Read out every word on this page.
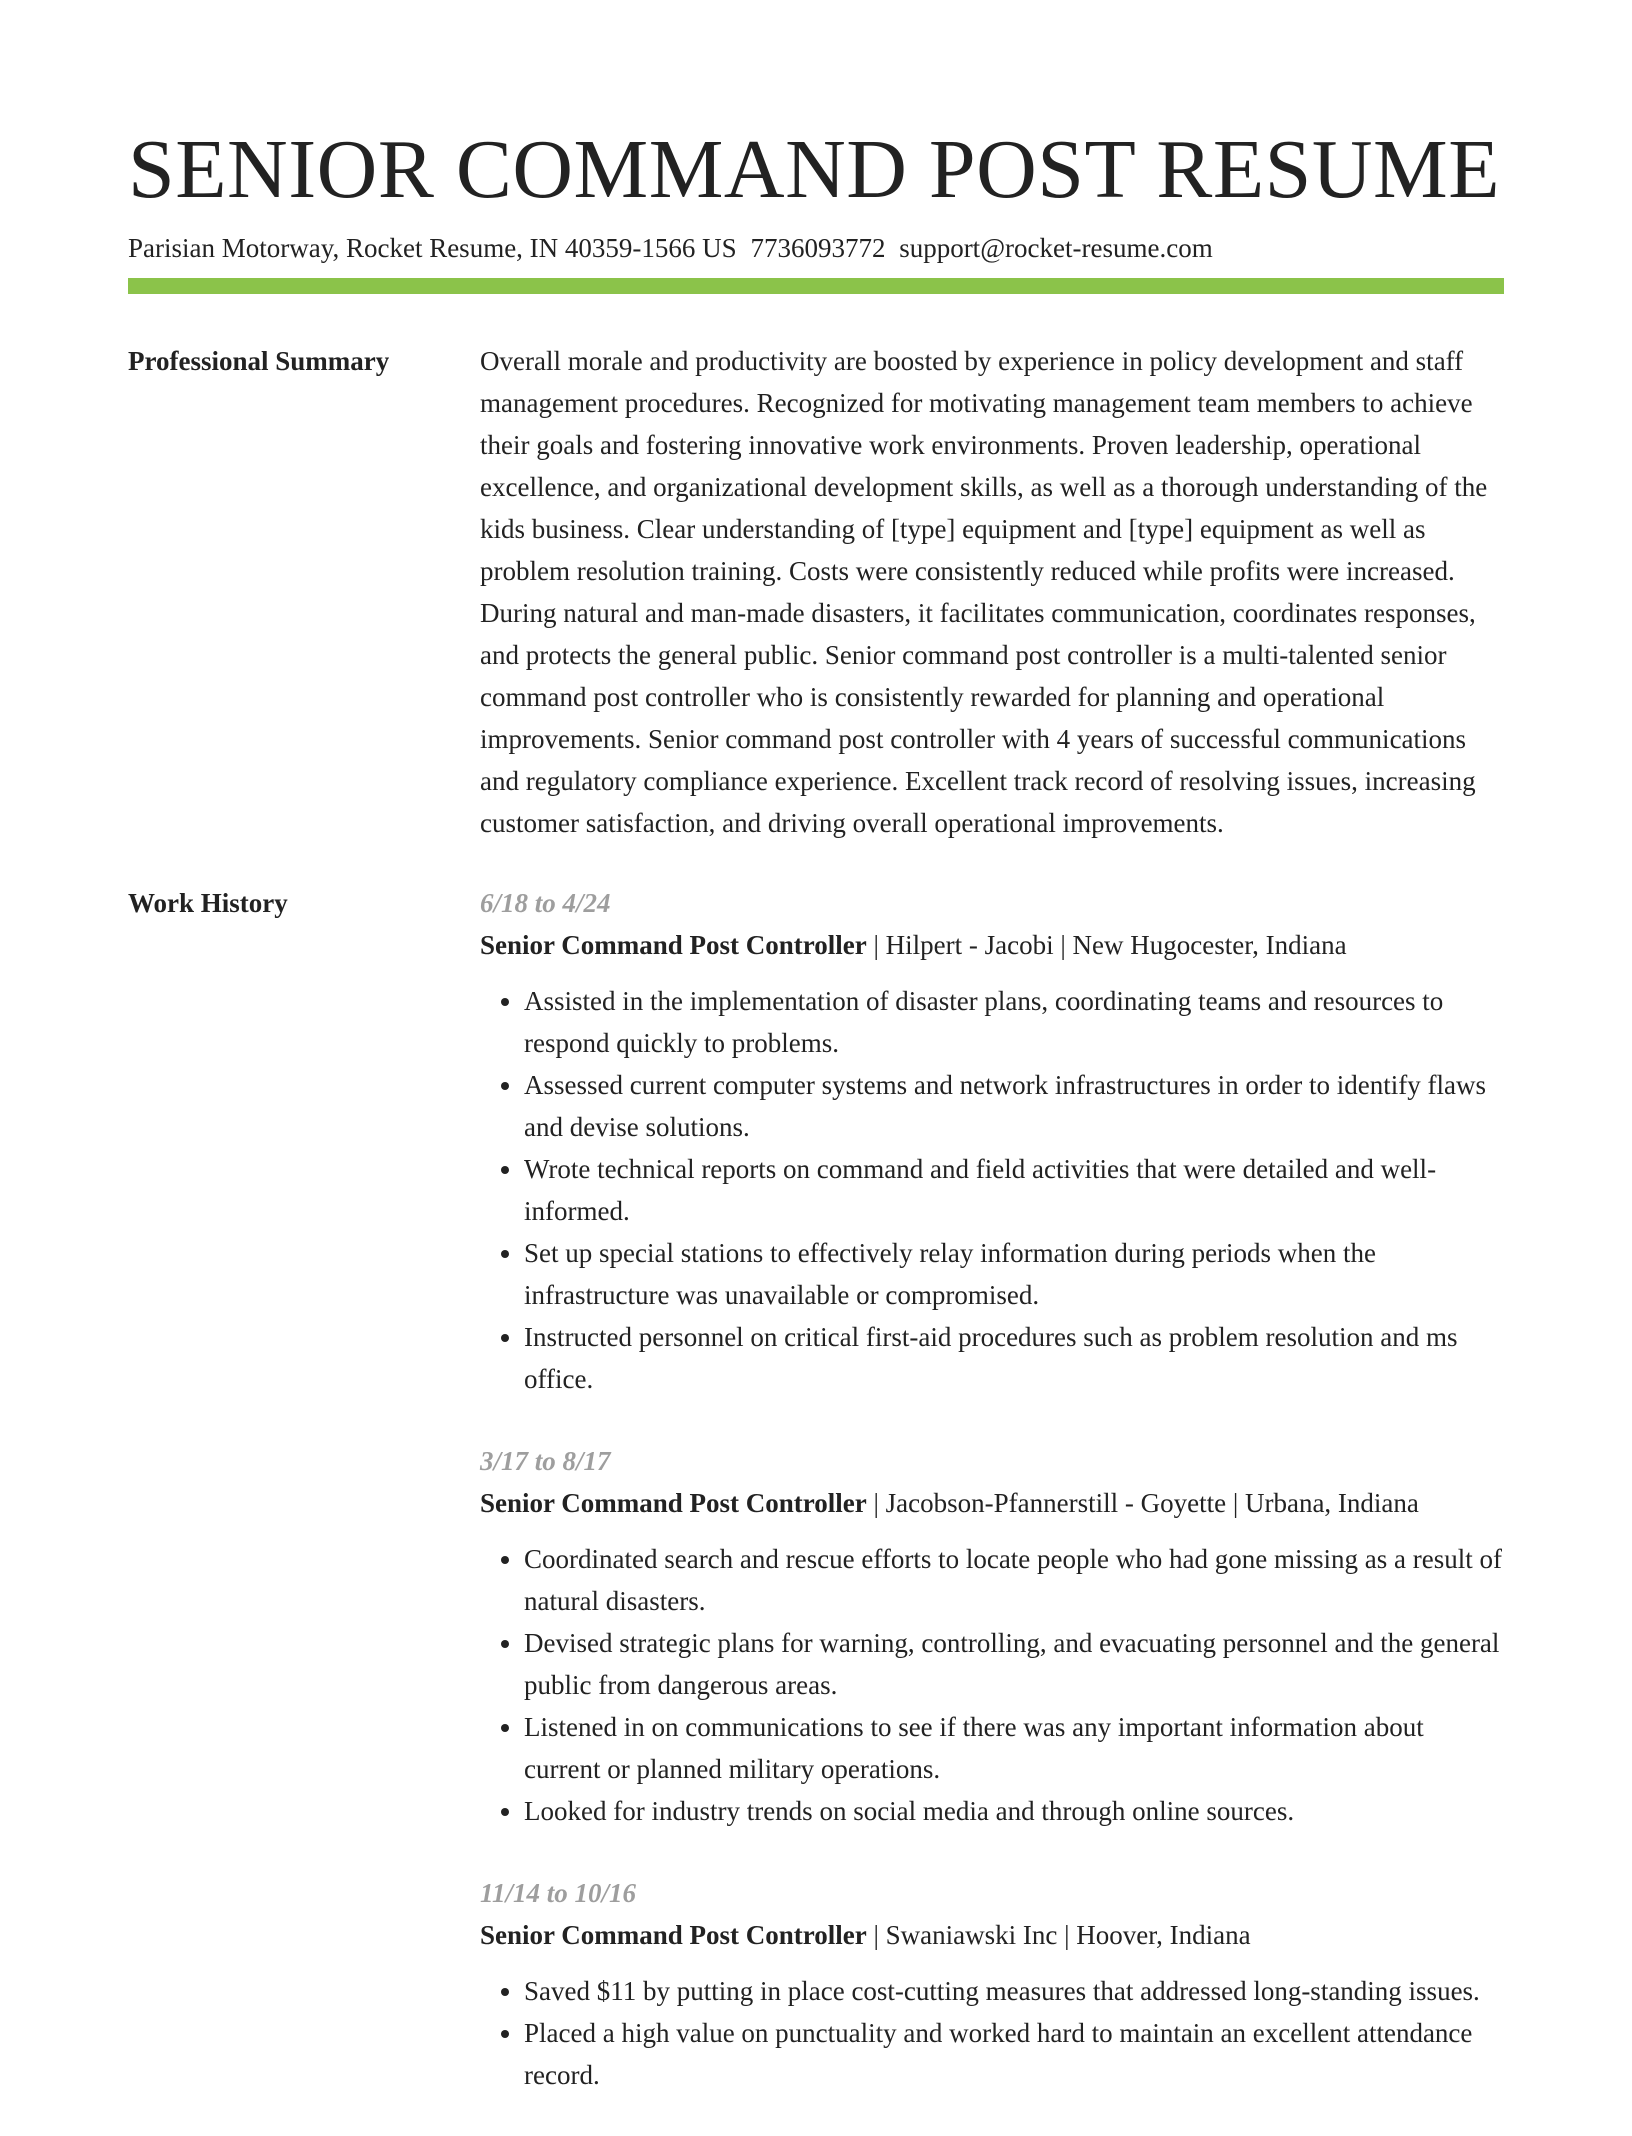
SENIOR COMMAND POST RESUME
Parisian Motorway, Rocket Resume, IN 40359-1566 US 7736093772 support@rocket-resume.com
Professional Summary	Overall morale and productivity are boosted by experience in policy development and staff management procedures. Recognized for motivating management team members to achieve their goals and fostering innovative work environments. Proven leadership, operational excellence, and organizational development skills, as well as a thorough understanding of the kids business. Clear understanding of [type] equipment and [type] equipment as well as problem resolution training. Costs were consistently reduced while profits were increased. During natural and man-made disasters, it facilitates communication, coordinates responses, and protects the general public. Senior command post controller is a multi-talented senior command post controller who is consistently rewarded for planning and operational improvements. Senior command post controller with 4 years of successful communications and regulatory compliance experience. Excellent track record of resolving issues, increasing customer satisfaction, and driving overall operational improvements.

Work History	6/18 to 4/24
Senior Command Post Controller | Hilpert - Jacobi | New Hugocester, Indiana
• Assisted in the implementation of disaster plans, coordinating teams and resources to respond quickly to problems.
• Assessed current computer systems and network infrastructures in order to identify flaws and devise solutions.
• Wrote technical reports on command and field activities that were detailed and well-informed.
• Set up special stations to effectively relay information during periods when the infrastructure was unavailable or compromised.
• Instructed personnel on critical first-aid procedures such as problem resolution and ms office.
3/17 to 8/17
Senior Command Post Controller | Jacobson-Pfannerstill - Goyette | Urbana, Indiana
• Coordinated search and rescue efforts to locate people who had gone missing as a result of natural disasters.
• Devised strategic plans for warning, controlling, and evacuating personnel and the general public from dangerous areas.
• Listened in on communications to see if there was any important information about current or planned military operations.
• Looked for industry trends on social media and through online sources.
11/14 to 10/16
Senior Command Post Controller | Swaniawski Inc | Hoover, Indiana
• Saved $11 by putting in place cost-cutting measures that addressed long-standing issues.
• Placed a high value on punctuality and worked hard to maintain an excellent attendance record.
